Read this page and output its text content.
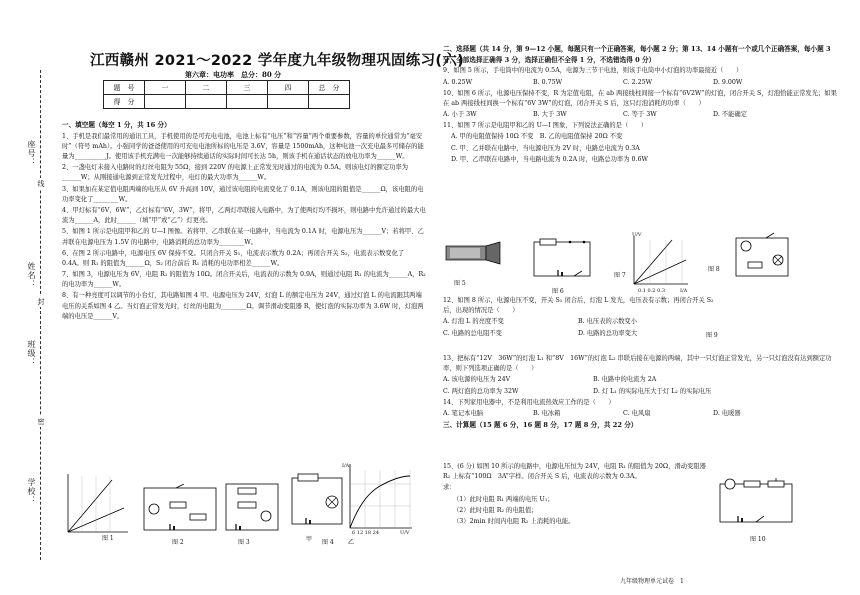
座号：
线
姓名：
封
班级：
密
学校：
江西赣州 2021～2022 学年度九年级物理巩固练习(六)
第六章：电功率　总分：80 分
题　号	一	二	三	四	总　分
得　分					

一、填空题（每空 1 分，共 16 分）

1、手机是我们最常用的通讯工具，手机使用的是可充电电池，电池上标有“电压”和“容量”两个重要参数，容量的单位通常为“毫安时”（符号 mAh）。小强同学的爸爸使用的可充电电池所标的电压是 3.6V，容量是 1500mAh，这种电池一次充电最多可储存的能量为__________J。使用该手机充满电一次能够持续通话的实际时间可长达 5h，则该手机在通话状态的放电功率为______W。

2、一盏电灯未接入电路时的灯丝电阻为 55Ω，接到 220V 的电源上正常发光时通过的电流为 0.5A。则该电灯的额定功率为______W；从刚接通电源到正常发光过程中，电灯的最大功率为______W。

3、如果加在某定值电阻两端的电压从 6V 升高到 10V，通过该电阻的电流变化了 0.1A，则该电阻的阻值是______Ω，该电阻的电功率变化了________W。

4、甲灯标有“6V，6W”，乙灯标有“6V，3W”，将甲，乙两灯串联接入电路中，为了使两灯均不损坏，则电路中允许通过的最大电流为______A，此时______（填“甲”或“乙”）灯更亮。

5、如图 1 所示是电阻甲和乙的 U—I 图像。若将甲、乙串联在某一电路中，当电流为 0.1A 时，电源电压为______V；若将甲、乙并联在电源电压为 1.5V 的电路中，电路消耗的总功率为________W。

6、在图 2 所示电路中，电源电压 6V 保持不变。只闭合开关 S₁，电流表示数为 0.2A；再闭合开关 S₂，电流表示数变化了 0.4A。则 R₁ 的阻值为______Ω，S₂ 闭合前后 R₁ 消耗的电功率相差______W。

7、如图 3，电源电压为 6V，电阻 R₁ 的阻值为 10Ω。闭合开关后，电流表的示数为 0.9A，则通过电阻 R₁ 的电流为______A，R₂ 的电功率为______W。

8、有一种亮度可以调节的小台灯，其电路如图 4 甲。电源电压为 24V，灯泡 L 的额定电压为 24V，通过灯泡 L 的电流跟其两端电压的关系如图 4 乙。当灯泡正常发光时，灯丝的电阻为________Ω。调节滑动变阻器 R，使灯泡的实际功率为 3.6W 时，灯泡两端的电压是______V。

图 1
图 2	图 3	甲
I/A
6 12 18 24	U/V
乙
图 4

二、选择题（共 14 分，第 9—12 小题，每题只有一个正确答案，每小题 2 分；第 13、14 小题有一个或几个正确答案，每小题 3 分，全部选择正确得 3 分，选择正确但不全得 1 分，不选错选得 0 分）

9、如图 5 所示，手电筒中的电流为 0.5A，电源为三节干电池，则该手电筒中小灯泡的功率最接近（　　）

A. 0.25W	B. 0.75W	C. 2.25W	D. 9.00W

10、如图 6 所示，电源电压保持不变，R 为定值电阻，在 ab 两接线柱间接一个标有“6V2W”的灯泡，闭合开关 S，灯泡恰能正常发光；如果在 ab 两接线柱间换一个标有“6V 3W”的灯泡，闭合开关 S 后，这只灯泡消耗的功率（　　）

A. 小于 3W	B. 大于 3W	C. 等于 3W	D. 不能确定

11、如图 7 所示是电阻甲和乙的 U—I 图象，下列说法正确的是（　　）

A. 甲的电阻值保持 10Ω 不变　B. 乙的电阻值保持 20Ω 不变

C. 甲、乙并联在电路中，当电源电压为 2V 时，电路总电流为 0.3A

D. 甲、乙串联在电路中，当电路电流为 0.2A 时，电路总功率为 0.6W

图 5
图 6
U/V
0.1 0.2 0.3	I/A
图 7
图 8

12、如图 8 所示，电源电压不变，开关 S₁ 闭合后，灯泡 L 发光，电压表有示数；再闭合开关 S₂ 后，出现的情况是（　　）

A. 灯泡 L 的亮度不变	B. 电压表的示数变小

C. 电路的总电阻不变	D. 电路的总功率变大	图 9

13、把标有“12V　36W”的灯泡 L₁ 和“8V　16W”的灯泡 L₂ 串联后接在电源的两端，其中一只灯泡正常发光，另一只灯泡没有达到额定功率，则下列选项正确的是（　　）

A. 该电源的电压为 24V	B. 电路中的电流为 2A

C. 两灯泡的总功率为 32W	D. 灯 L₁ 的实际电压大于灯 L₂ 的实际电压

14、下列家用电器中，不是利用电流热效应工作的是（　　）

A. 笔记本电脑	B. 电冰箱	C. 电风扇	D. 电暖器

三、计算题（15 题 6 分，16 题 8 分，17 题 8 分，共 22 分）

15、(6 分) 如图 10 所示的电路中，电源电压恒为 24V，电阻 R₁ 的阻值为 20Ω，滑动变阻器 R₂ 上标有“100Ω　3A”字样。闭合开关 S 后，电流表的示数为 0.3A。

求：

（1）此时电阻 R₁ 两端的电压 U₁；

（2）此时电阻 R₂ 的电阻值；

（3）2min 时间内电阻 R₂ 上消耗的电能。

图 10
九年级物理单元试卷　1
